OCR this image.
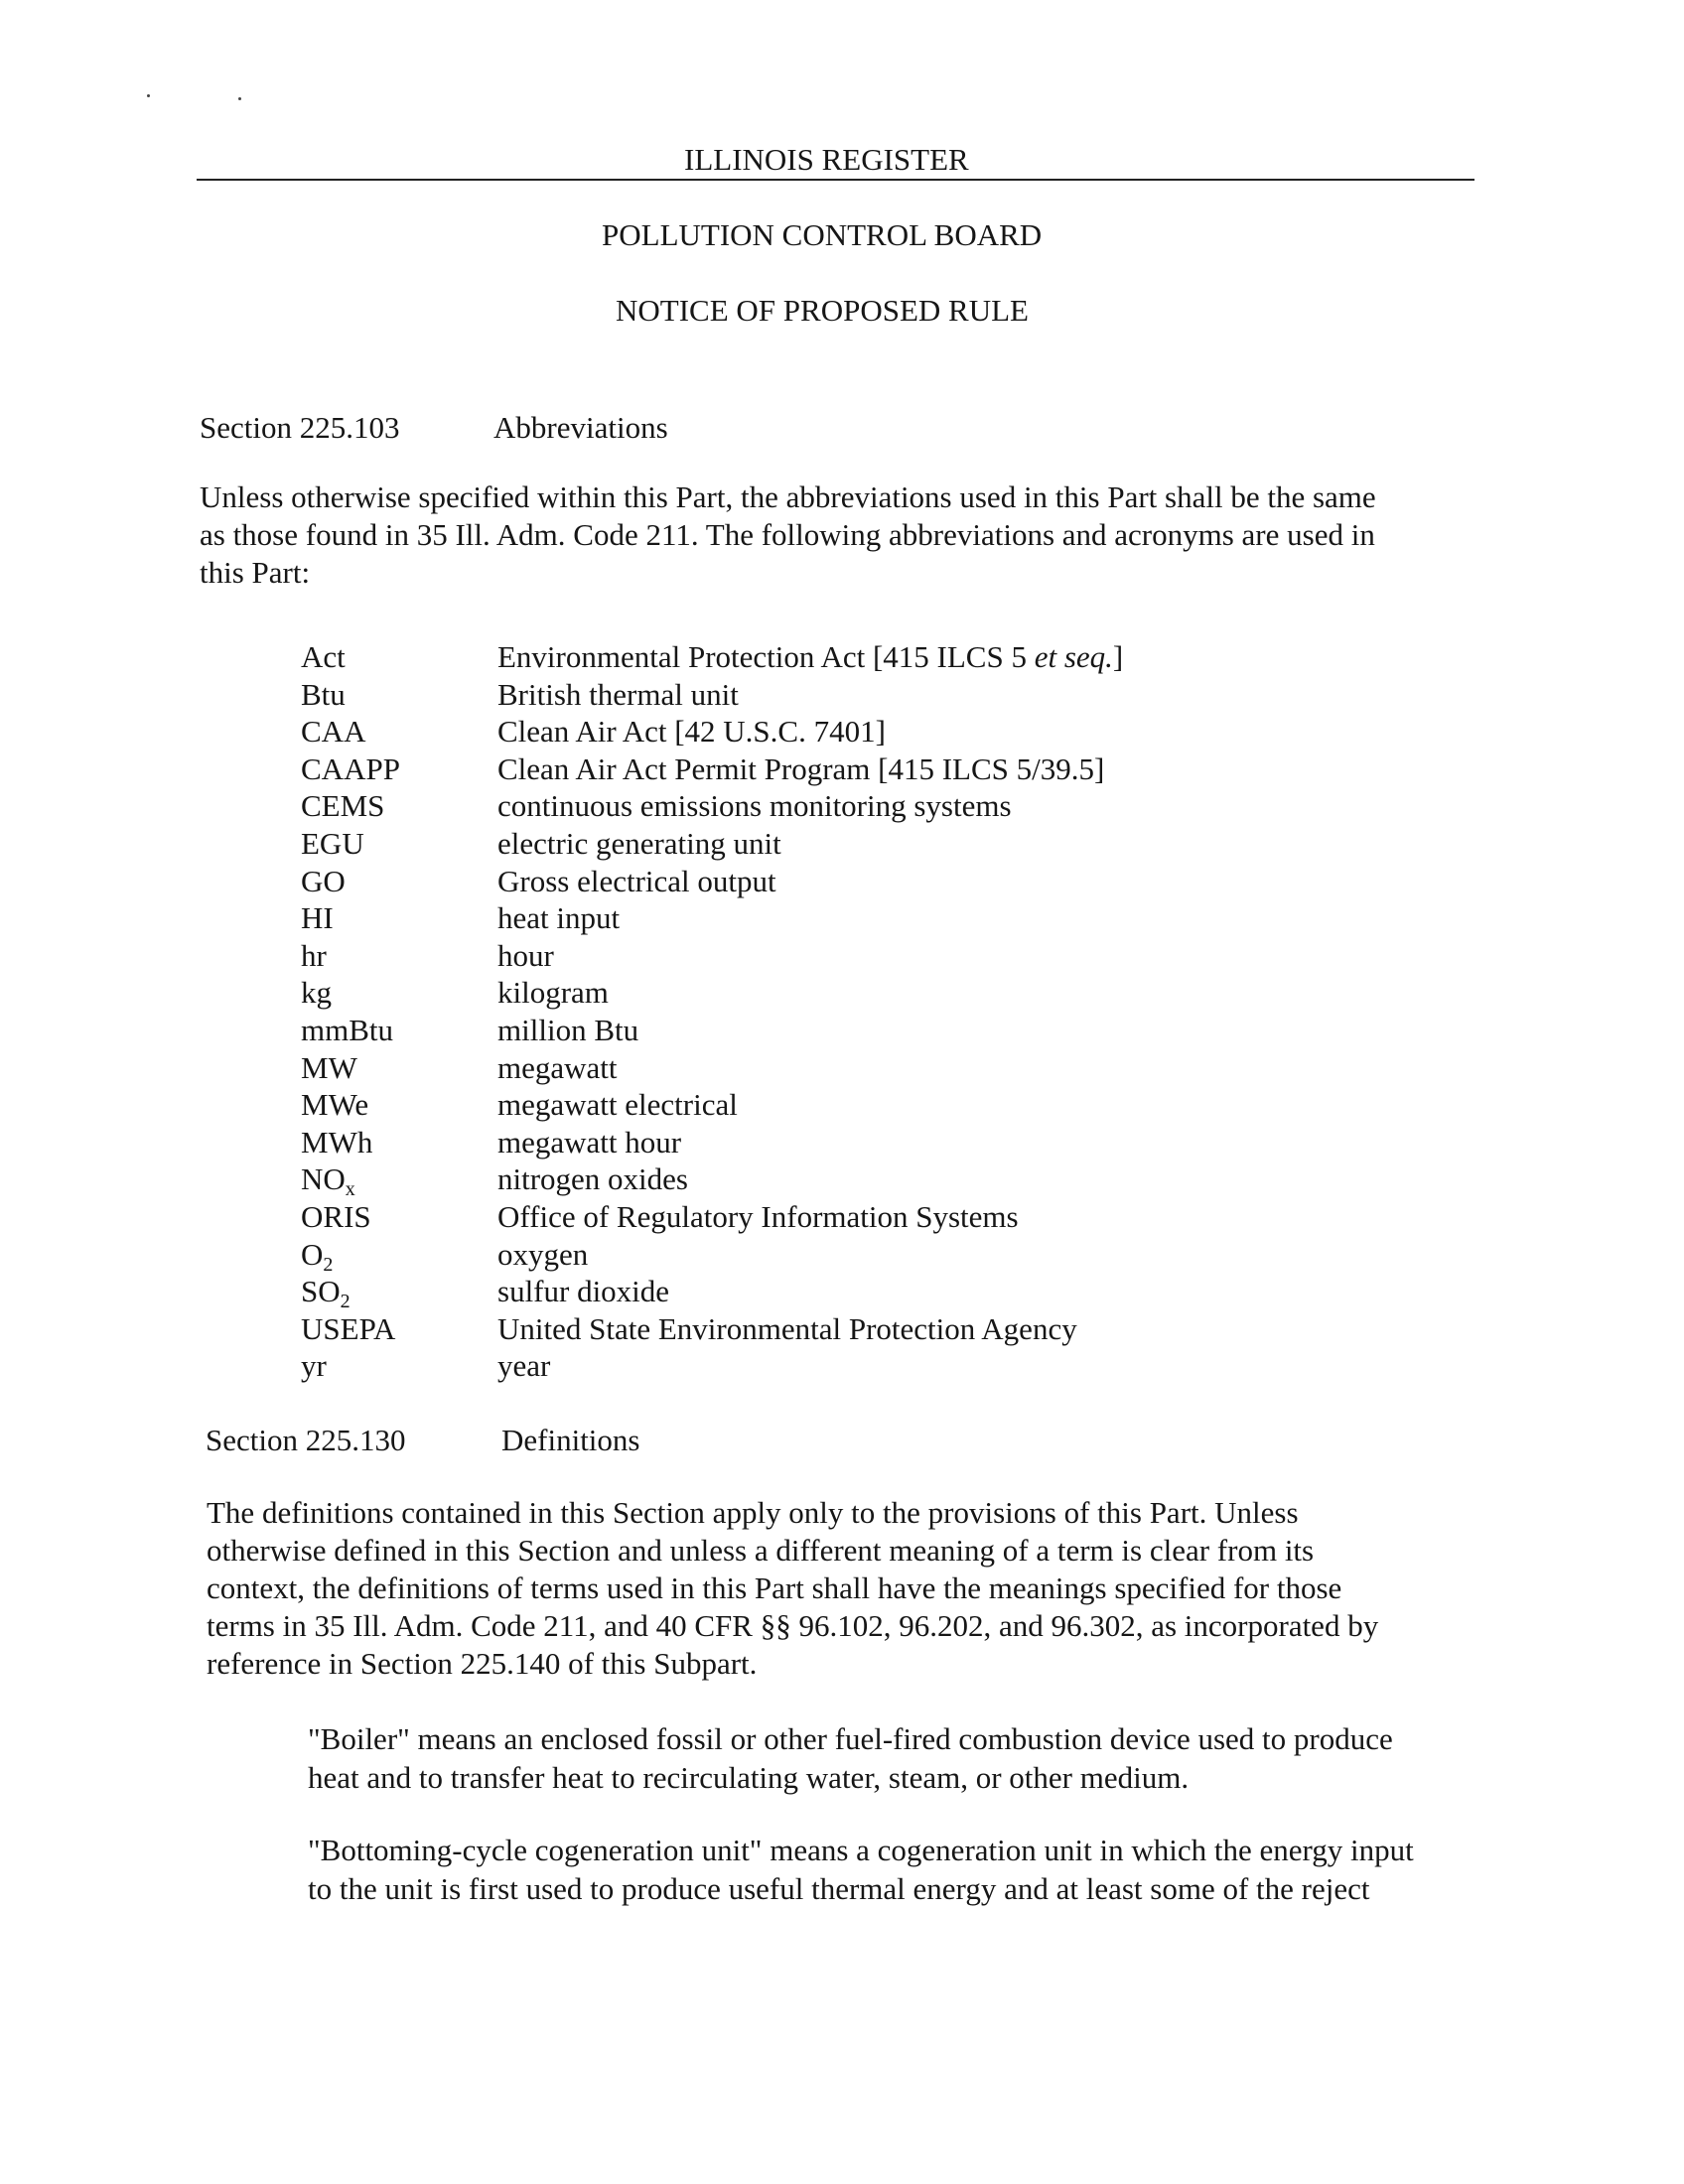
ILLINOIS REGISTER
POLLUTION CONTROL BOARD
NOTICE OF PROPOSED RULE
Section 225.103	Abbreviations
Unless otherwise specified within this Part, the abbreviations used in this Part shall be the same
as those found in 35 Ill. Adm. Code 211. The following abbreviations and acronyms are used in
this Part:
Act	Environmental Protection Act [415 ILCS 5 et seq.]
Btu	British thermal unit
CAA	Clean Air Act [42 U.S.C. 7401]
CAAPP	Clean Air Act Permit Program [415 ILCS 5/39.5]
CEMS	continuous emissions monitoring systems
EGU	electric generating unit
GO	Gross electrical output
HI	heat input
hr	hour
kg	kilogram
mmBtu	million Btu
MW	megawatt
MWe	megawatt electrical
MWh	megawatt hour
$NO_x$	nitrogen oxides
ORIS	Office of Regulatory Information Systems
$O_2$	oxygen
$SO_2$	sulfur dioxide
USEPA	United State Environmental Protection Agency
yr	year
Section 225.130	Definitions
The definitions contained in this Section apply only to the provisions of this Part. Unless
otherwise defined in this Section and unless a different meaning of a term is clear from its
context, the definitions of terms used in this Part shall have the meanings specified for those
terms in 35 Ill. Adm. Code 211, and 40 CFR §§ 96.102, 96.202, and 96.302, as incorporated by
reference in Section 225.140 of this Subpart.
"Boiler" means an enclosed fossil or other fuel-fired combustion device used to produce
heat and to transfer heat to recirculating water, steam, or other medium.
"Bottoming-cycle cogeneration unit" means a cogeneration unit in which the energy input
to the unit is first used to produce useful thermal energy and at least some of the reject
